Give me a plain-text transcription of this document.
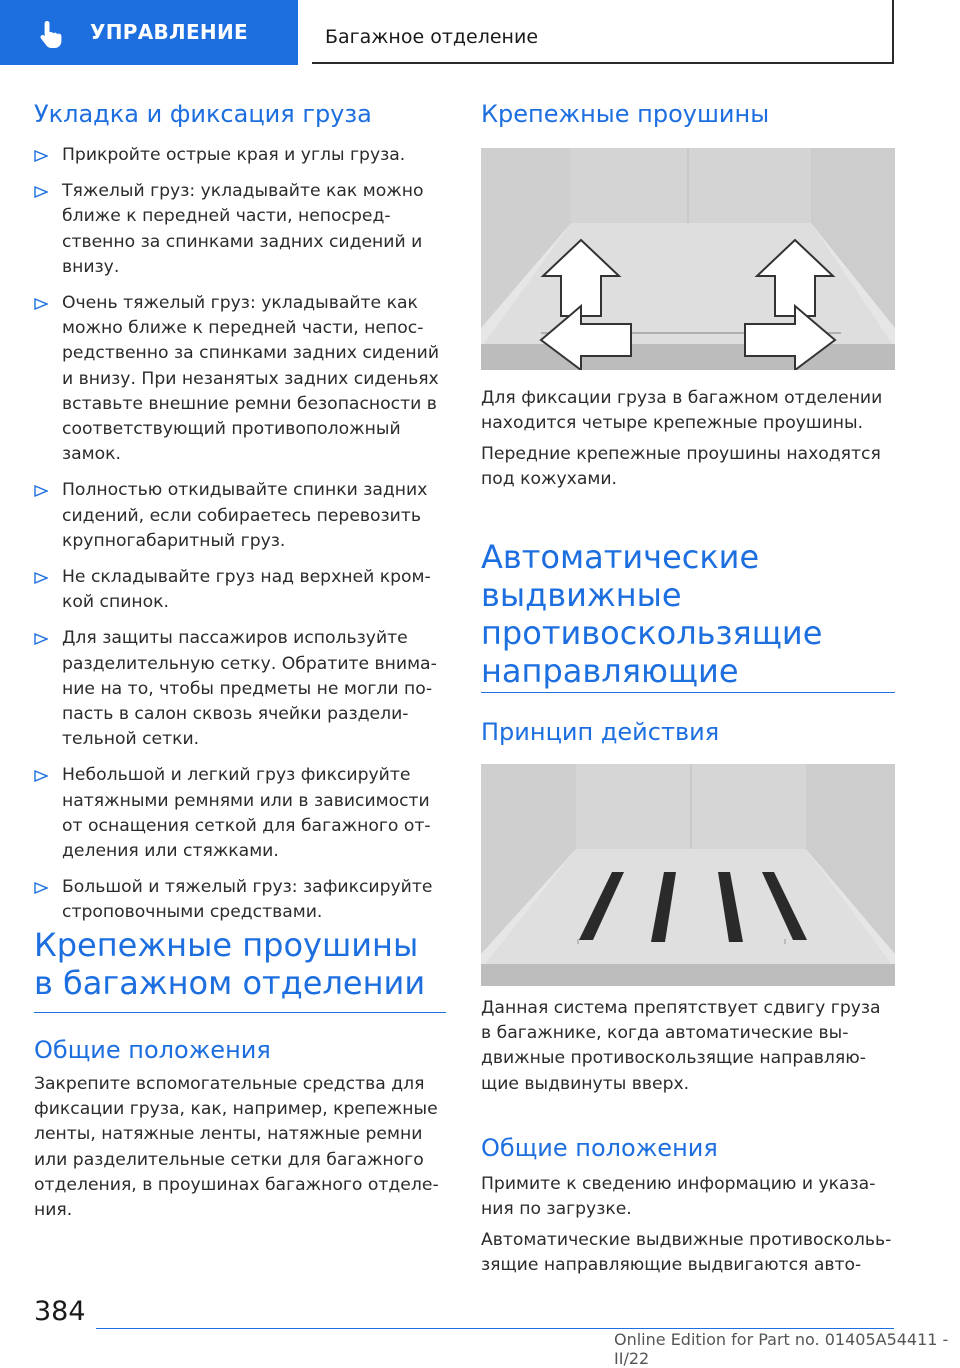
УПРАВЛЕНИЕ	Багажное отделение
Укладка и фиксация груза
Прикройте острые края и углы груза.
Тяжелый груз: укладывайте как можно ближе к передней части, непосредственно за спинками задних сидений и внизу.
Очень тяжелый груз: укладывайте как можно ближе к передней части, непосредственно за спинками задних сидений и внизу. При незанятых задних сиденьях вставьте внешние ремни безопасности в соответствующий противоположный замок.
Полностью откидывайте спинки задних сидений, если собираетесь перевозить крупногабаритный груз.
Не складывайте груз над верхней кромкой спинок.
Для защиты пассажиров используйте разделительную сетку. Обратите внимание на то, чтобы предметы не могли попасть в салон сквозь ячейки разделительной сетки.
Небольшой и легкий груз фиксируйте натяжными ремнями или в зависимости от оснащения сеткой для багажного отделения или стяжками.
Большой и тяжелый груз: зафиксируйте строповочными средствами.
Крепежные проушины в багажном отделении
Общие положения

Закрепите вспомогательные средства для фиксации груза, как, например, крепежные ленты, натяжные ленты, натяжные ремни или разделительные сетки для багажного отделения, в проушинах багажного отделения.

Крепежные проушины

Для фиксации груза в багажном отделении находится четыре крепежные проушины.

Передние крепежные проушины находятся под кожухами.

Автоматические выдвижные противоскользящие направляющие
Принцип действия

Данная система препятствует сдвигу груза в багажнике, когда автоматические выдвижные противоскользящие направляющие выдвинуты вверх.

Общие положения

Примите к сведению информацию и указания по загрузке.

Автоматические выдвижные противосколььзящие направляющие выдвигаются авто-

384
Online Edition for Part no. 01405A54411 - II/22
